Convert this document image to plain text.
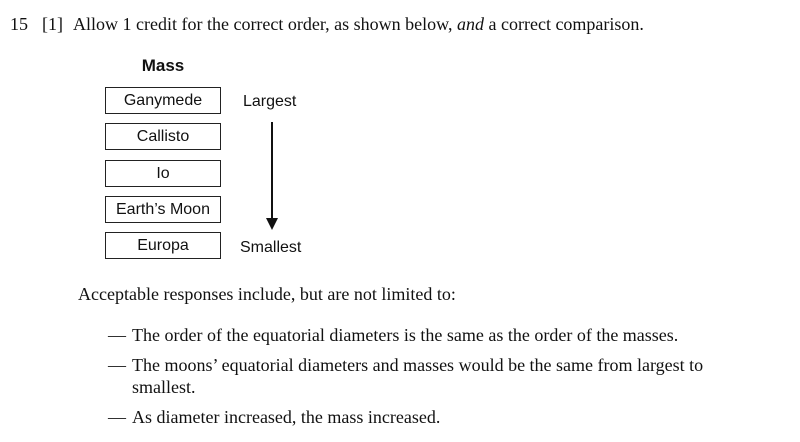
15 [1] Allow 1 credit for the correct order, as shown below, and a correct comparison.
Mass
Ganymede
Callisto
Io
Earth’s Moon
Europa
Largest
Smallest
Acceptable responses include, but are not limited to:
— The order of the equatorial diameters is the same as the order of the masses.
— The moons’ equatorial diameters and masses would be the same from largest to smallest.
— As diameter increased, the mass increased.
